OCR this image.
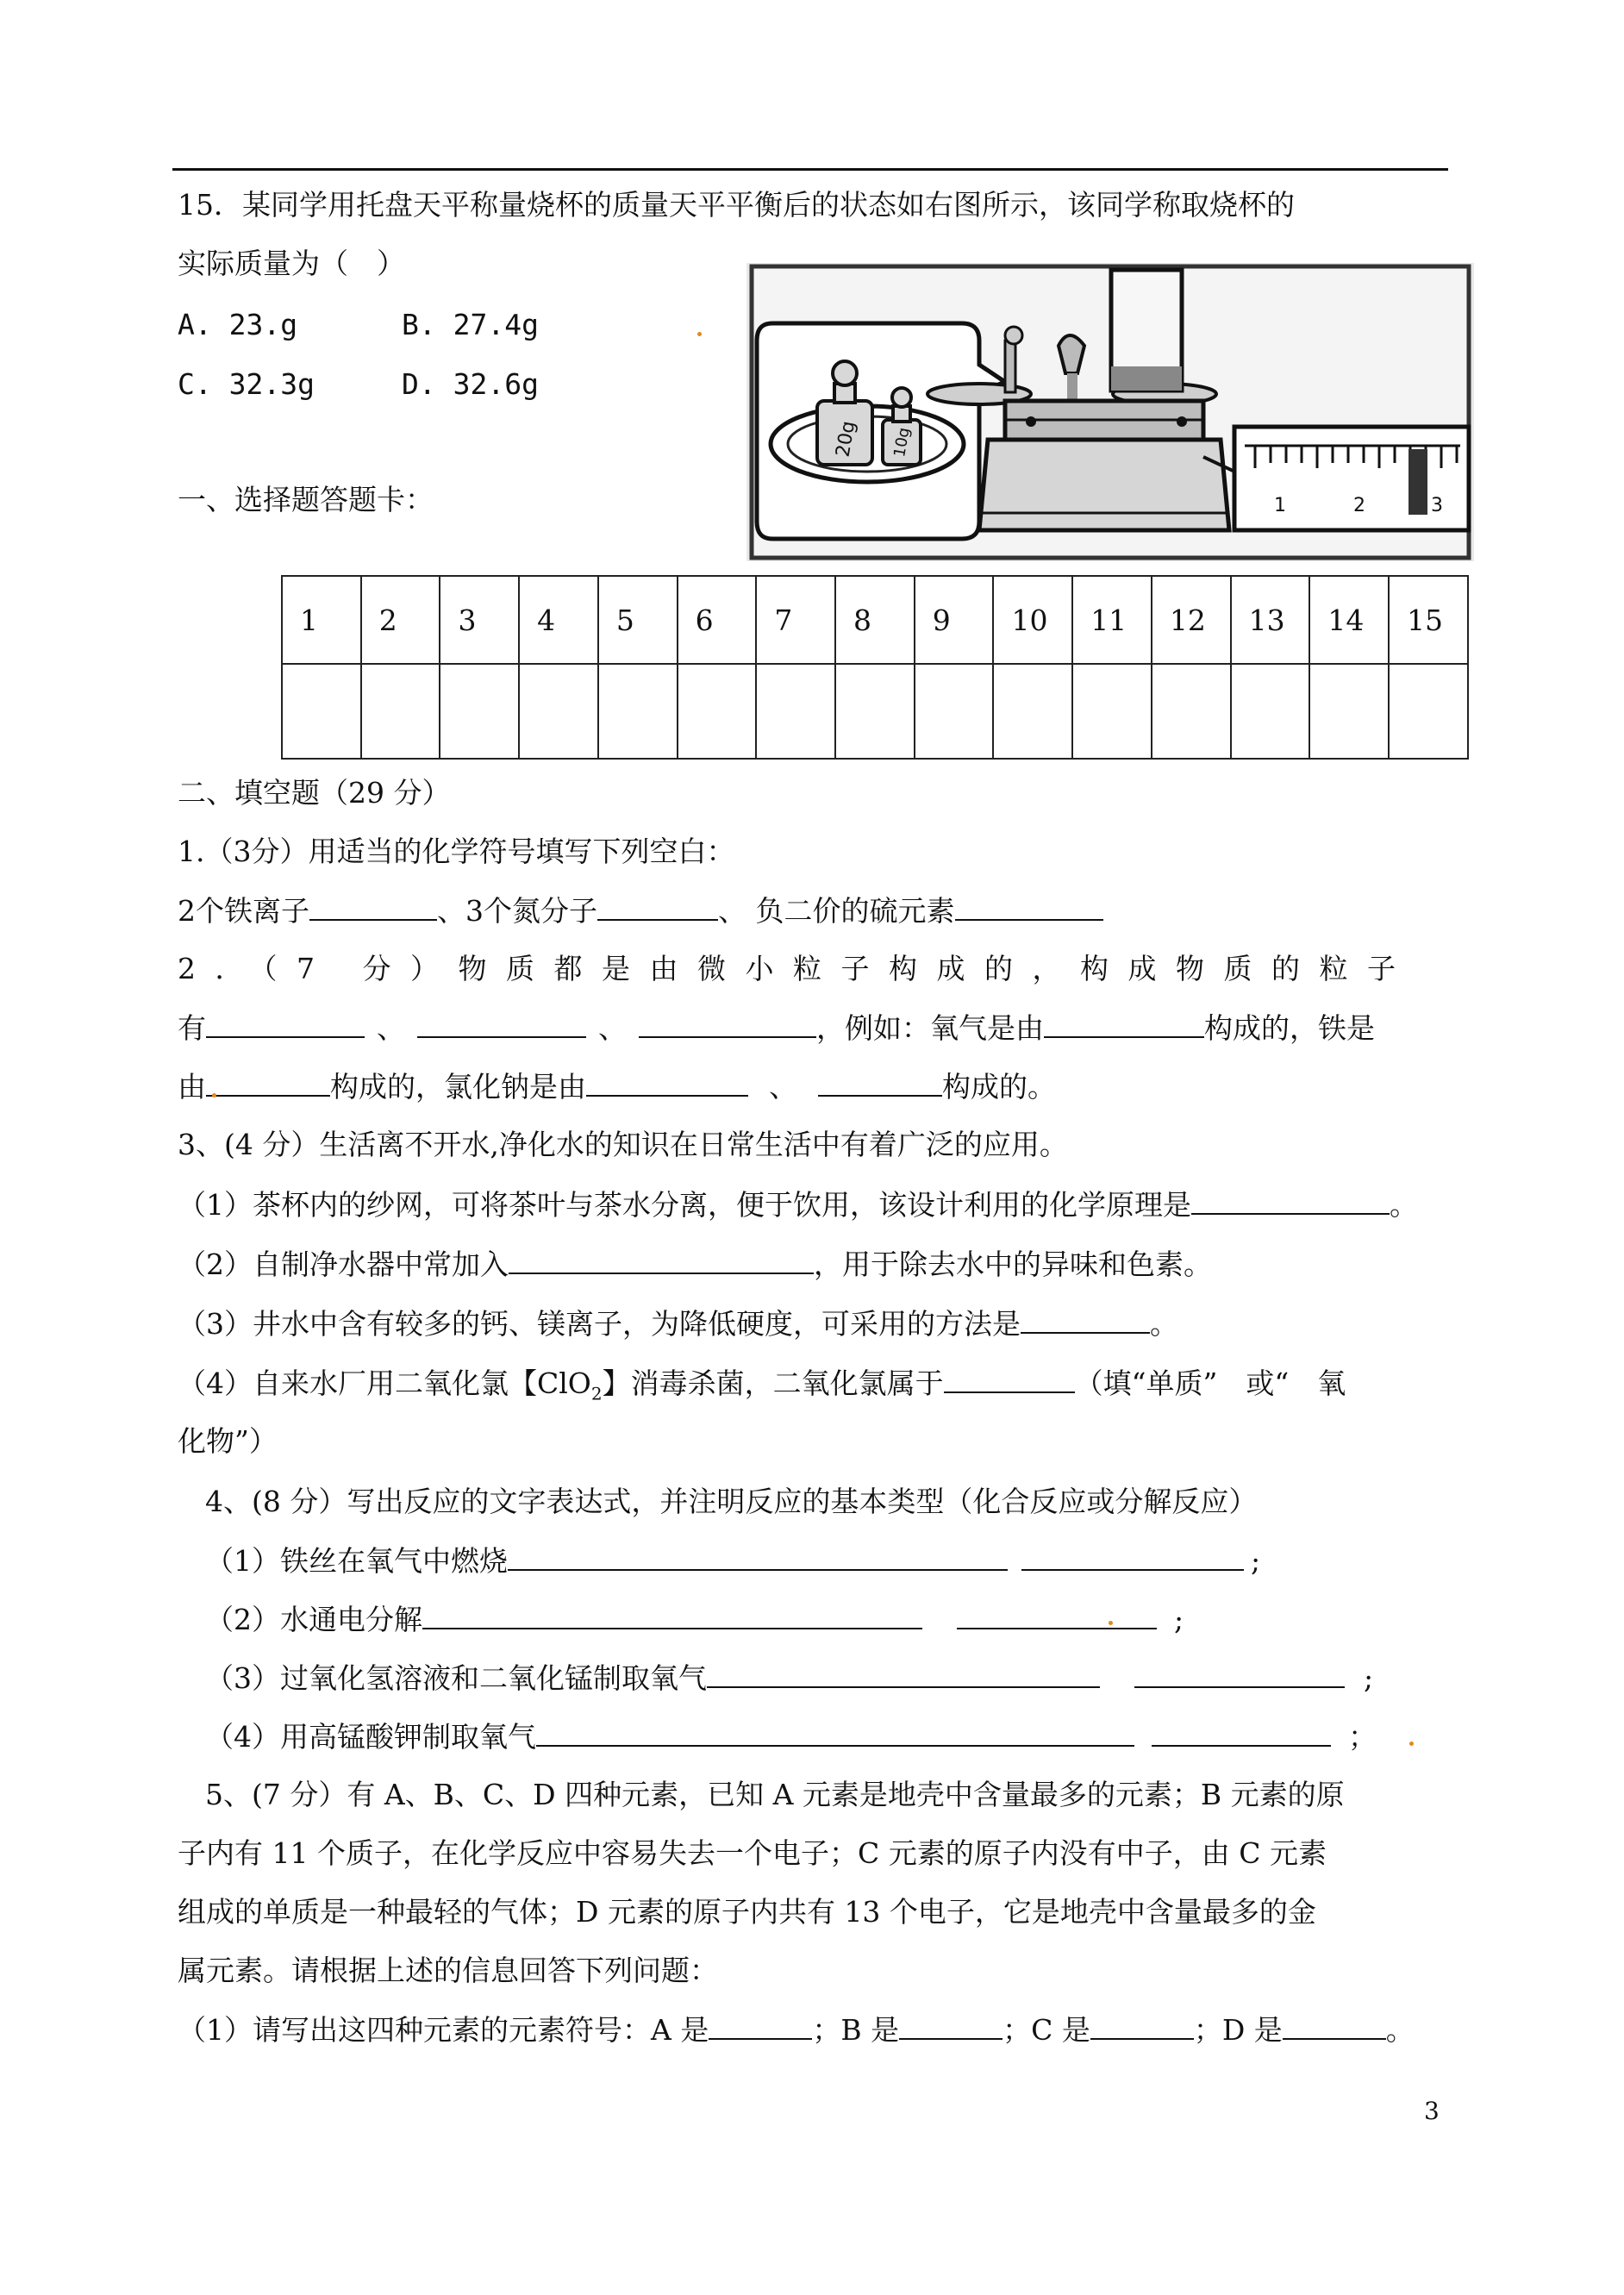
15．某同学用托盘天平称量烧杯的质量天平平衡后的状态如右图所示，该同学称取烧杯的
实际质量为（　）
A. 23.g	B. 27.4g
C. 32.3g	D. 32.6g
20g 10g
1	2	3
一、选择题答题卡：
1	2	3	4	5	6	7	8	9	10	11	12	13	14	15

二、填空题（29 分）
1.（3分）用适当的化学符号填写下列空白：
2个铁离子	、3个氮分子	、 负二价的硫元素
2．（7 分）物质都是由微小粒子构成的，构成物质的粒子
有	、	、	，例如：氧气是由	构成的，铁是
由	构成的，氯化钠是由	、	构成的。
3、(4 分）生活离不开水,净化水的知识在日常生活中有着广泛的应用。
（1）茶杯内的纱网，可将茶叶与茶水分离，便于饮用，该设计利用的化学原理是	。
（2）自制净水器中常加入	，用于除去水中的异味和色素。
（3）井水中含有较多的钙、镁离子，为降低硬度，可采用的方法是	。
（4）自来水厂用二氧化氯【ClO$_2$】消毒杀菌，二氧化氯属于	（填“单质”　或“　氧
化物”）
4、(8 分）写出反应的文字表达式，并注明反应的基本类型（化合反应或分解反应）
（1）铁丝在氧气中燃烧	;
（2）水通电分解	;
（3）过氧化氢溶液和二氧化锰制取氧气	;
（4）用高锰酸钾制取氧气	；
5、(7 分）有 A、B、C、D 四种元素，已知 A 元素是地壳中含量最多的元素；B 元素的原
子内有 11 个质子，在化学反应中容易失去一个电子；C 元素的原子内没有中子，由 C 元素
组成的单质是一种最轻的气体；D 元素的原子内共有 13 个电子，它是地壳中含量最多的金
属元素。请根据上述的信息回答下列问题：
（1）请写出这四种元素的元素符号：A 是	；B 是	；C 是	；D 是	。
3
